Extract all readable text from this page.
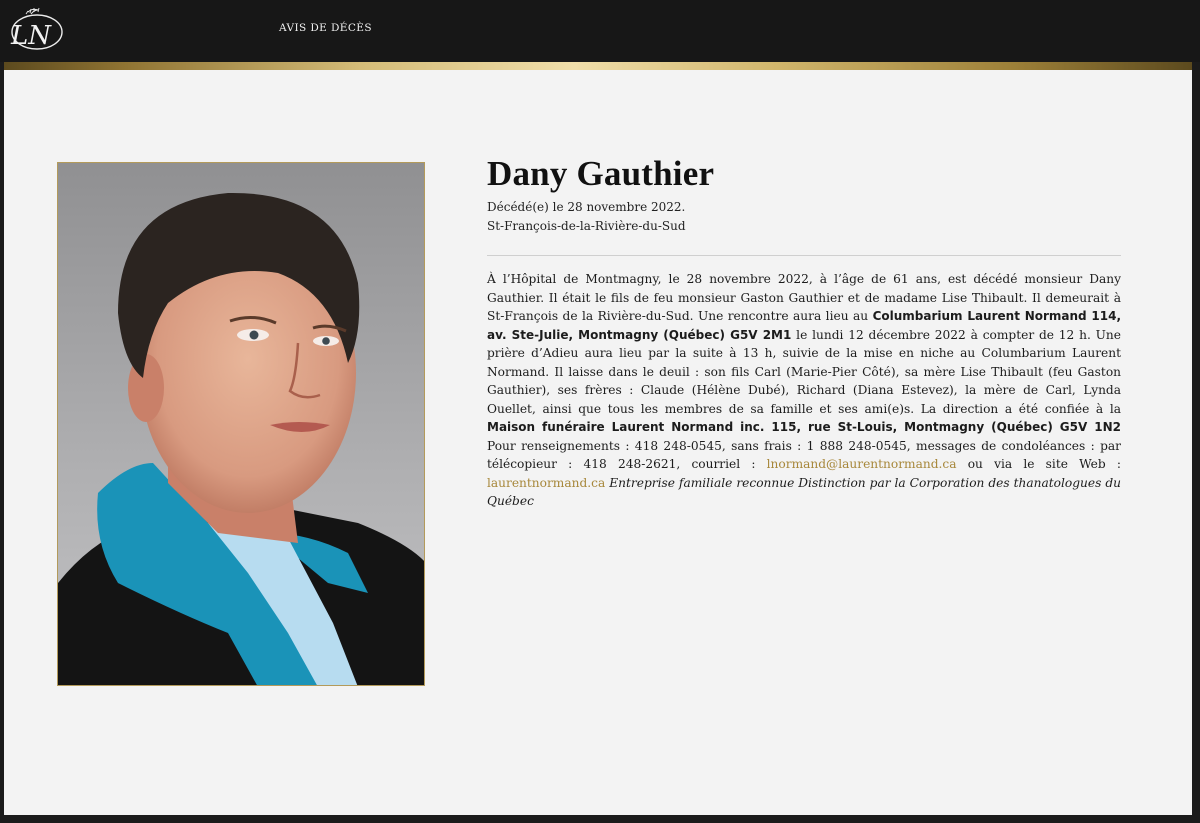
LN	AVIS DE DÉCÈS
Dany Gauthier
Décédé(e) le 28 novembre 2022.
St-François-de-la-Rivière-du-Sud

À l’Hôpital de Montmagny, le 28 novembre 2022, à l’âge de 61 ans, est décédé monsieur Dany Gauthier. Il était le fils de feu monsieur Gaston Gauthier et de madame Lise Thibault. Il demeurait à St-François de la Rivière-du-Sud. Une rencontre aura lieu au Columbarium Laurent Normand 114, av. Ste-Julie, Montmagny (Québec) G5V 2M1 le lundi 12 décembre 2022 à compter de 12 h. Une prière d’Adieu aura lieu par la suite à 13 h, suivie de la mise en niche au Columbarium Laurent Normand. Il laisse dans le deuil : son fils Carl (Marie-Pier Côté), sa mère Lise Thibault (feu Gaston Gauthier), ses frères : Claude (Hélène Dubé), Richard (Diana Estevez), la mère de Carl, Lynda Ouellet, ainsi que tous les membres de sa famille et ses ami(e)s. La direction a été confiée à la Maison funéraire Laurent Normand inc. 115, rue St-Louis, Montmagny (Québec) G5V 1N2 Pour renseignements : 418 248-0545, sans frais : 1 888 248-0545, messages de condoléances : par télécopieur : 418 248-2621, courriel : lnormand@laurentnormand.ca ou via le site Web : laurentnormand.ca Entreprise familiale reconnue Distinction par la Corporation des thanatologues du Québec
